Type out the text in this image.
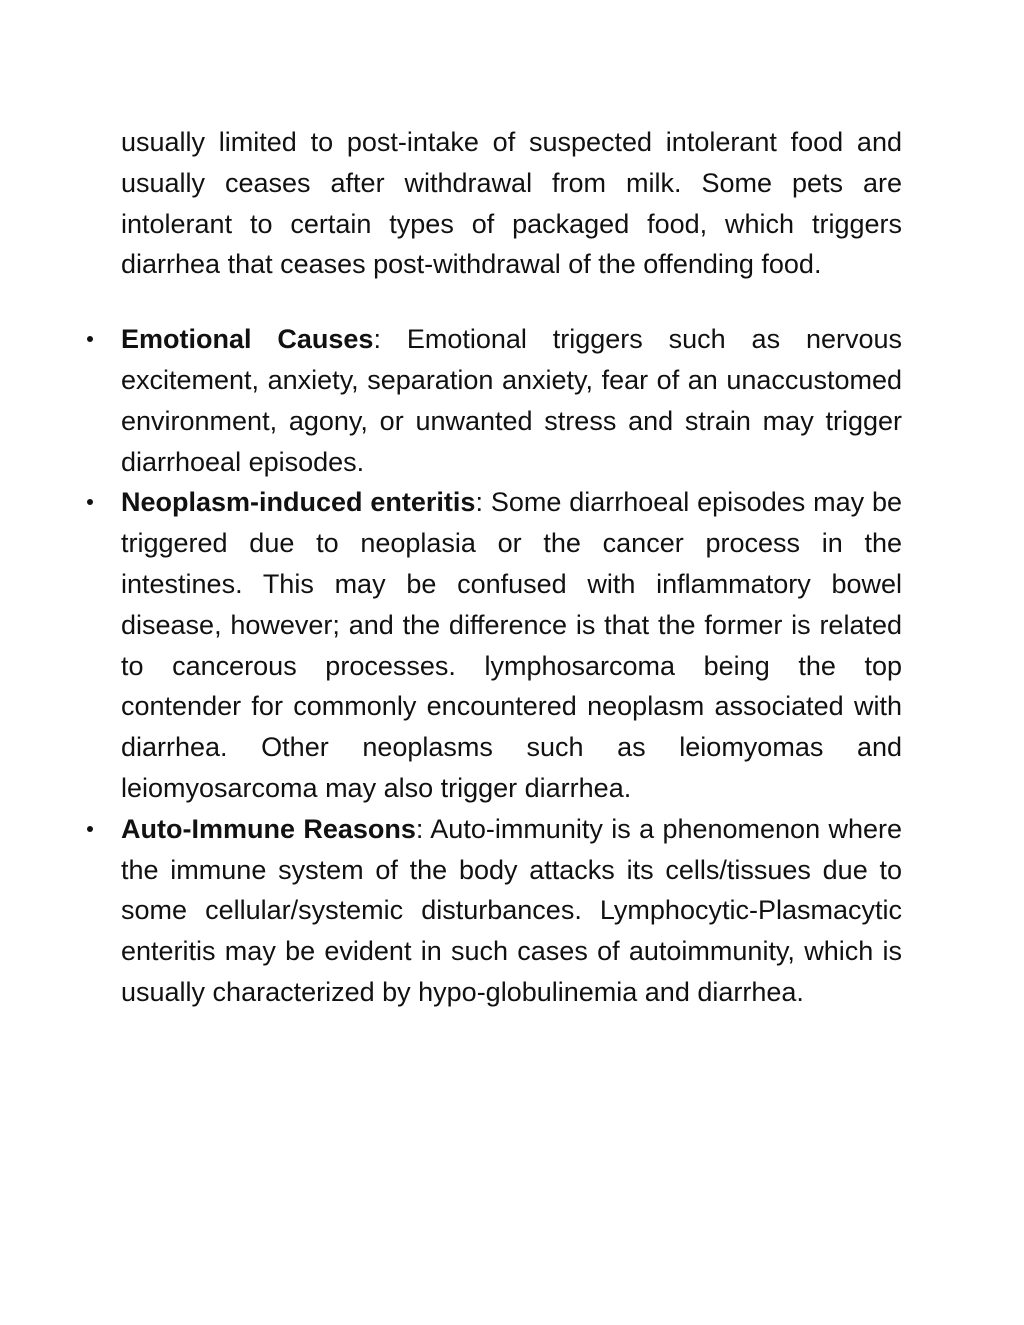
usually limited to post-intake of suspected intolerant food and usually ceases after withdrawal from milk. Some pets are intolerant to certain types of packaged food, which triggers diarrhea that ceases post-withdrawal of the offending food.

Emotional Causes: Emotional triggers such as nervous excitement, anxiety, separation anxiety, fear of an unaccustomed environment, agony, or unwanted stress and strain may trigger diarrhoeal episodes.
Neoplasm-induced enteritis: Some diarrhoeal episodes may be triggered due to neoplasia or the cancer process in the intestines. This may be confused with inflammatory bowel disease, however; and the difference is that the former is related to cancerous processes. lymphosarcoma being the top contender for commonly encountered neoplasm associated with diarrhea. Other neoplasms such as leiomyomas and leiomyosarcoma may also trigger diarrhea.
Auto-Immune Reasons: Auto-immunity is a phenomenon where the immune system of the body attacks its cells/tissues due to some cellular/systemic disturbances. Lymphocytic-Plasmacytic enteritis may be evident in such cases of autoimmunity, which is usually characterized by hypo-globulinemia and diarrhea.
